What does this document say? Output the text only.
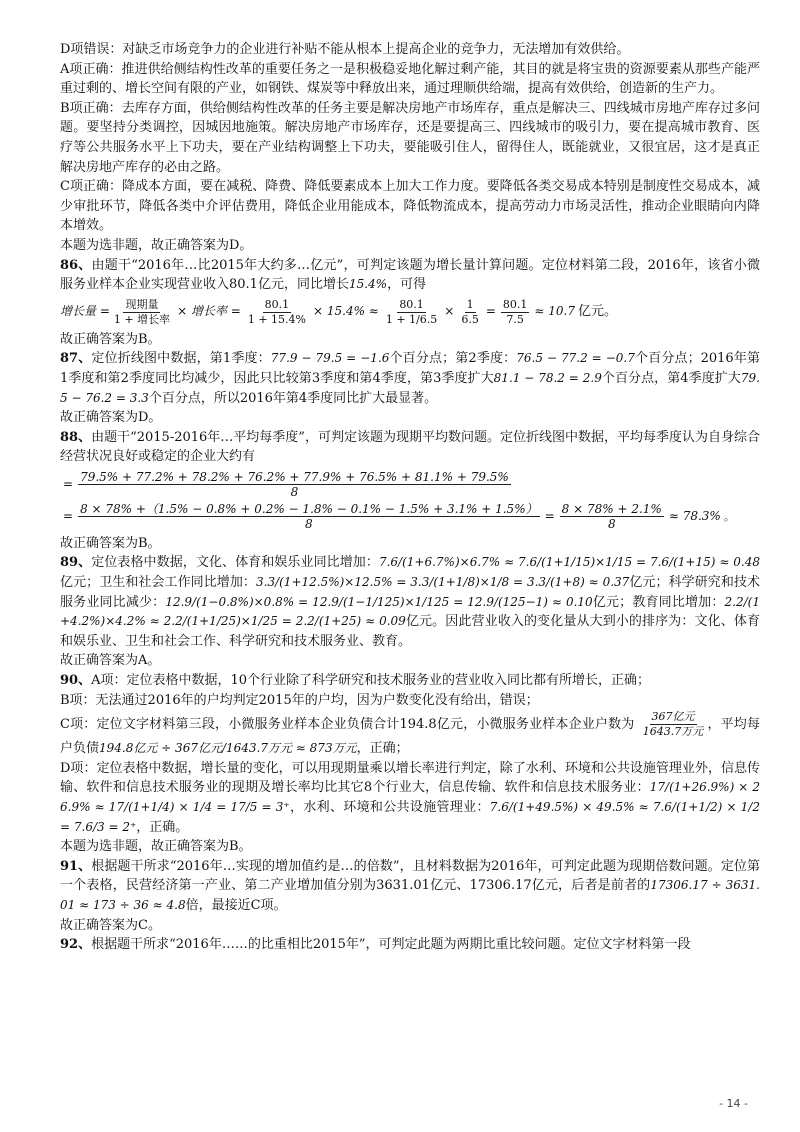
D项错误：对缺乏市场竞争力的企业进行补贴不能从根本上提高企业的竞争力，无法增加有效供给。

A项正确：推进供给侧结构性改革的重要任务之一是积极稳妥地化解过剩产能，其目的就是将宝贵的资源要素从那些产能严重过剩的、增长空间有限的产业，如钢铁、煤炭等中释放出来，通过理顺供给端，提高有效供给，创造新的生产力。

B项正确：去库存方面，供给侧结构性改革的任务主要是解决房地产市场库存，重点是解决三、四线城市房地产库存过多问题。要坚持分类调控，因城因地施策。解决房地产市场库存，还是要提高三、四线城市的吸引力，要在提高城市教育、医疗等公共服务水平上下功夫，要在产业结构调整上下功夫，要能吸引住人，留得住人，既能就业，又很宜居，这才是真正解决房地产库存的必由之路。

C项正确：降成本方面，要在减税、降费、降低要素成本上加大工作力度。要降低各类交易成本特别是制度性交易成本，减少审批环节，降低各类中介评估费用，降低企业用能成本，降低物流成本，提高劳动力市场灵活性，推动企业眼睛向内降本增效。

本题为选非题，故正确答案为D。

86、由题干“2016年…比2015年大约多…亿元”，可判定该题为增长量计算问题。定位材料第二段，2016年，该省小微服务业样本企业实现营业收入80.1亿元，同比增长15.4%，可得

增长量 = $\frac{\text{现期量}}{\text{1 + 增长率}}$ × 增长率 = $\frac{80.1}{1 + 15.4\%} \times 15.4\% \approx \frac{80.1}{1 + 1/6.5} \times \frac{1}{6.5} = \frac{80.1}{7.5} \approx 10.7$ 亿元。

故正确答案为B。

87、定位折线图中数据，第1季度：77.9 − 79.5 = −1.6个百分点；第2季度：76.5 − 77.2 = −0.7个百分点；2016年第1季度和第2季度同比均减少，因此只比较第3季度和第4季度，第3季度扩大81.1 − 78.2 = 2.9个百分点，第4季度扩大79.5 − 76.2 = 3.3个百分点，所以2016年第4季度同比扩大最显著。

故正确答案为D。

88、由题干“2015-2016年…平均每季度”，可判定该题为现期平均数问题。定位折线图中数据，平均每季度认为自身综合经营状况良好或稳定的企业大约有

= 79.5% + 77.2% + 78.2% + 76.2% + 77.9% + 76.5% + 81.1% + 79.5%
8
= 8 × 78% +（1.5% − 0.8% + 0.2% − 1.8% − 0.1% − 1.5% + 3.1% + 1.5%）
8
= $\frac{8 \times 78\% + 2.1\%}{8} \approx 78.3\%$ 。

故正确答案为B。

89、定位表格中数据，文化、体育和娱乐业同比增加：7.6/(1+6.7%)×6.7% ≈ 7.6/(1+1/15)×1/15 = 7.6/(1+15) ≈ 0.48亿元；卫生和社会工作同比增加：3.3/(1+12.5%)×12.5% = 3.3/(1+1/8)×1/8 = 3.3/(1+8) ≈ 0.37亿元；科学研究和技术服务业同比减少：12.9/(1−0.8%)×0.8% = 12.9/(1−1/125)×1/125 = 12.9/(125−1) ≈ 0.10亿元；教育同比增加：2.2/(1+4.2%)×4.2% ≈ 2.2/(1+1/25)×1/25 = 2.2/(1+25) ≈ 0.09亿元。因此营业收入的变化量从大到小的排序为：文化、体育和娱乐业、卫生和社会工作、科学研究和技术服务业、教育。

故正确答案为A。

90、A项：定位表格中数据，10个行业除了科学研究和技术服务业的营业收入同比都有所增长，正确；

B项：无法通过2016年的户均判定2015年的户均，因为户数变化没有给出，错误；

C项：定位文字材料第三段，小微服务业样本企业负债合计194.8亿元，小微服务业样本企业户数为 $\frac{\text{367亿元}}{\text{1643.7万元}}$ ，平均每户负债194.8亿元 ÷ 367亿元/1643.7万元 ≈ 873万元，正确；

D项：定位表格中数据，增长量的变化，可以用现期量乘以增长率进行判定，除了水利、环境和公共设施管理业外，信息传输、软件和信息技术服务业的现期及增长率均比其它8个行业大，信息传输、软件和信息技术服务业：17/(1+26.9%) × 26.9% ≈ 17/(1+1/4) × 1/4 = 17/5 = 3⁺，水利、环境和公共设施管理业：7.6/(1+49.5%) × 49.5% ≈ 7.6/(1+1/2) × 1/2 = 7.6/3 = 2⁺，正确。

本题为选非题，故正确答案为B。

91、根据题干所求“2016年…实现的增加值约是…的倍数”，且材料数据为2016年，可判定此题为现期倍数问题。定位第一个表格，民营经济第一产业、第二产业增加值分别为3631.01亿元、17306.17亿元，后者是前者的17306.17 ÷ 3631.01 ≈ 173 ÷ 36 ≈ 4.8倍，最接近C项。

故正确答案为C。

92、根据题干所求“2016年……的比重相比2015年”，可判定此题为两期比重比较问题。定位文字材料第一段

- 14 -
